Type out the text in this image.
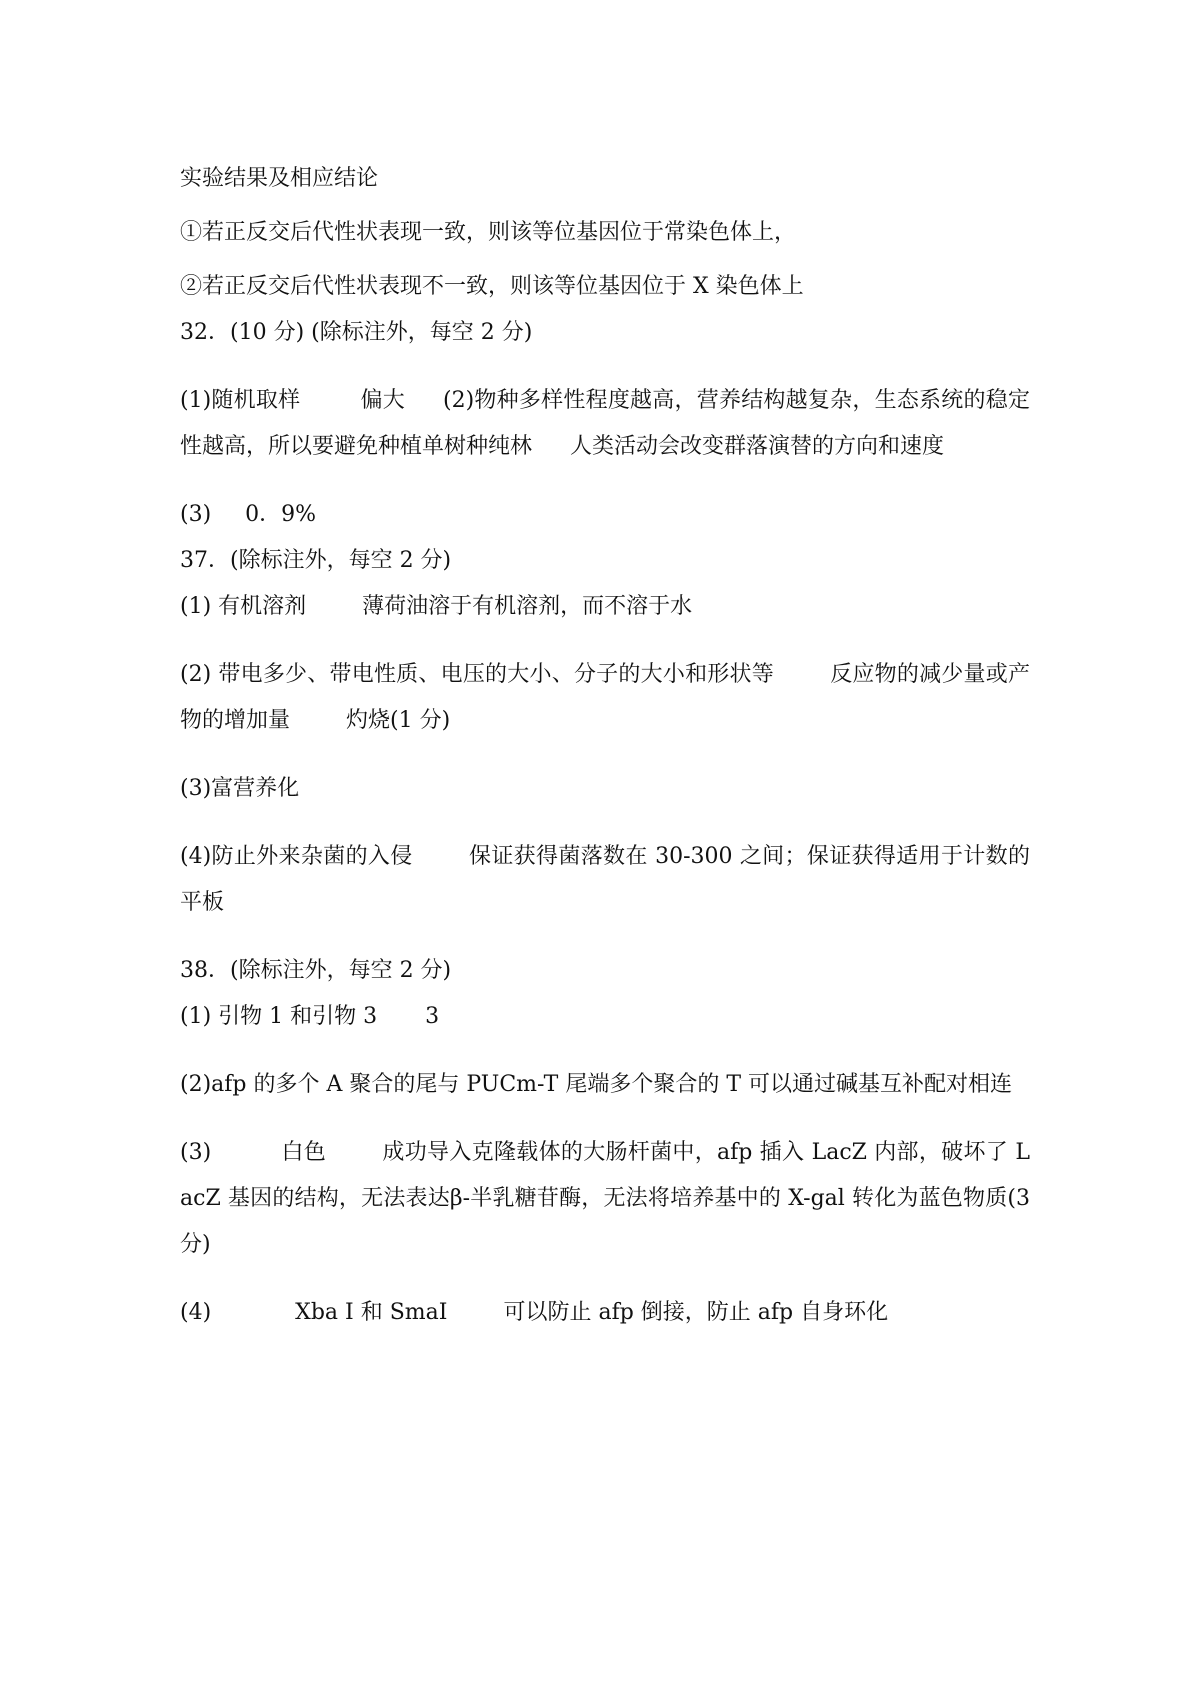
实验结果及相应结论

①若正反交后代性状表现一致，则该等位基因位于常染色体上，

②若正反交后代性状表现不一致，则该等位基因位于 X 染色体上

32．(10 分) (除标注外，每空 2 分)

(1)随机取样	偏大 (2)物种多样性程度越高，营养结构越复杂，生态系统的稳定性越高，所以要避免种植单树种纯林 人类活动会改变群落演替的方向和速度

(3) 0．9%

37．(除标注外，每空 2 分)

(1) 有机溶剂	薄荷油溶于有机溶剂，而不溶于水

(2) 带电多少、带电性质、电压的大小、分子的大小和形状等	反应物的减少量或产物的增加量	灼烧(1 分)

(3)富营养化

(4)防止外来杂菌的入侵	保证获得菌落数在 30-300 之间；保证获得适用于计数的平板

38．(除标注外，每空 2 分)

(1) 引物 1 和引物 3 3

(2)afp 的多个 A 聚合的尾与 PUCm-T 尾端多个聚合的 T 可以通过碱基互补配对相连

(3)	白色	成功导入克隆载体的大肠杆菌中，afp 插入 LacZ 内部，破坏了 LacZ 基因的结构，无法表达β-半乳糖苷酶，无法将培养基中的 X-gal 转化为蓝色物质(3 分)

(4)	Xba I 和 SmaI	可以防止 afp 倒接，防止 afp 自身环化
